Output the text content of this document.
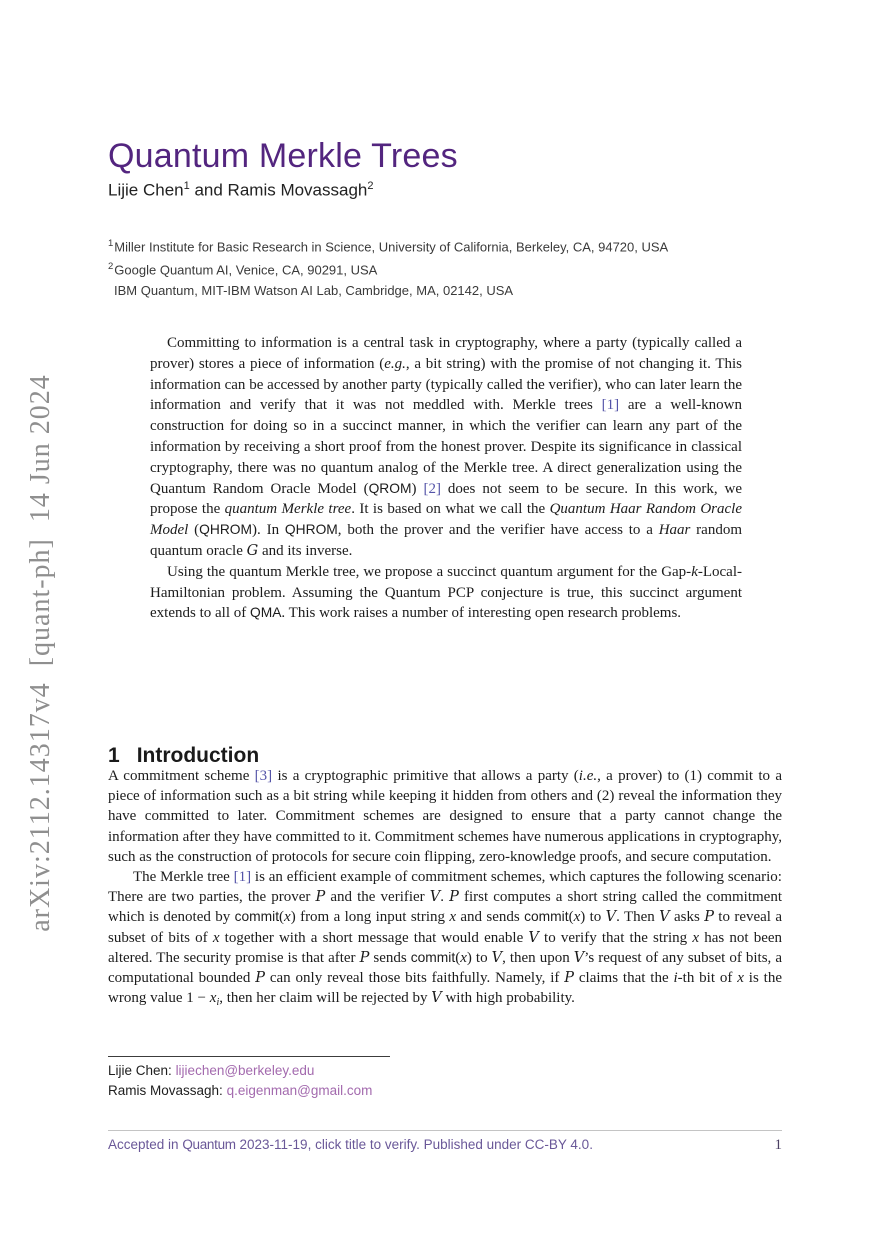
arXiv:2112.14317v4  [quant-ph]  14 Jun 2024
Quantum Merkle Trees
Lijie Chen$^1$ and Ramis Movassagh$^2$
$^1$Miller Institute for Basic Research in Science, University of California, Berkeley, CA, 94720, USA
$^2$Google Quantum AI, Venice, CA, 90291, USA
IBM Quantum, MIT-IBM Watson AI Lab, Cambridge, MA, 02142, USA

Committing to information is a central task in cryptography, where a party (typically called a prover) stores a piece of information (e.g., a bit string) with the promise of not changing it. This information can be accessed by another party (typically called the verifier), who can later learn the information and verify that it was not meddled with. Merkle trees [1] are a well-known construction for doing so in a succinct manner, in which the verifier can learn any part of the information by receiving a short proof from the honest prover. Despite its significance in classical cryptography, there was no quantum analog of the Merkle tree. A direct generalization using the Quantum Random Oracle Model (QROM) [2] does not seem to be secure. In this work, we propose the quantum Merkle tree. It is based on what we call the Quantum Haar Random Oracle Model (QHROM). In QHROM, both the prover and the verifier have access to a Haar random quantum oracle G and its inverse.

Using the quantum Merkle tree, we propose a succinct quantum argument for the Gap-k-Local-Hamiltonian problem. Assuming the Quantum PCP conjecture is true, this succinct argument extends to all of QMA. This work raises a number of interesting open research problems.

1 Introduction

A commitment scheme [3] is a cryptographic primitive that allows a party (i.e., a prover) to (1) commit to a piece of information such as a bit string while keeping it hidden from others and (2) reveal the information they have committed to later. Commitment schemes are designed to ensure that a party cannot change the information after they have committed to it. Commitment schemes have numerous applications in cryptography, such as the construction of protocols for secure coin flipping, zero-knowledge proofs, and secure computation.

The Merkle tree [1] is an efficient example of commitment schemes, which captures the following scenario: There are two parties, the prover P and the verifier V. P first computes a short string called the commitment which is denoted by commit(x) from a long input string x and sends commit(x) to V. Then V asks P to reveal a subset of bits of x together with a short message that would enable V to verify that the string x has not been altered. The security promise is that after P sends commit(x) to V, then upon V’s request of any subset of bits, a computational bounded P can only reveal those bits faithfully. Namely, if P claims that the i-th bit of x is the wrong value $1 - x_i$, then her claim will be rejected by V with high probability.

Lijie Chen: lijiechen@berkeley.edu
Ramis Movassagh: q.eigenman@gmail.com
Accepted in Quantum 2023-11-19, click title to verify. Published under CC-BY 4.0.	1
